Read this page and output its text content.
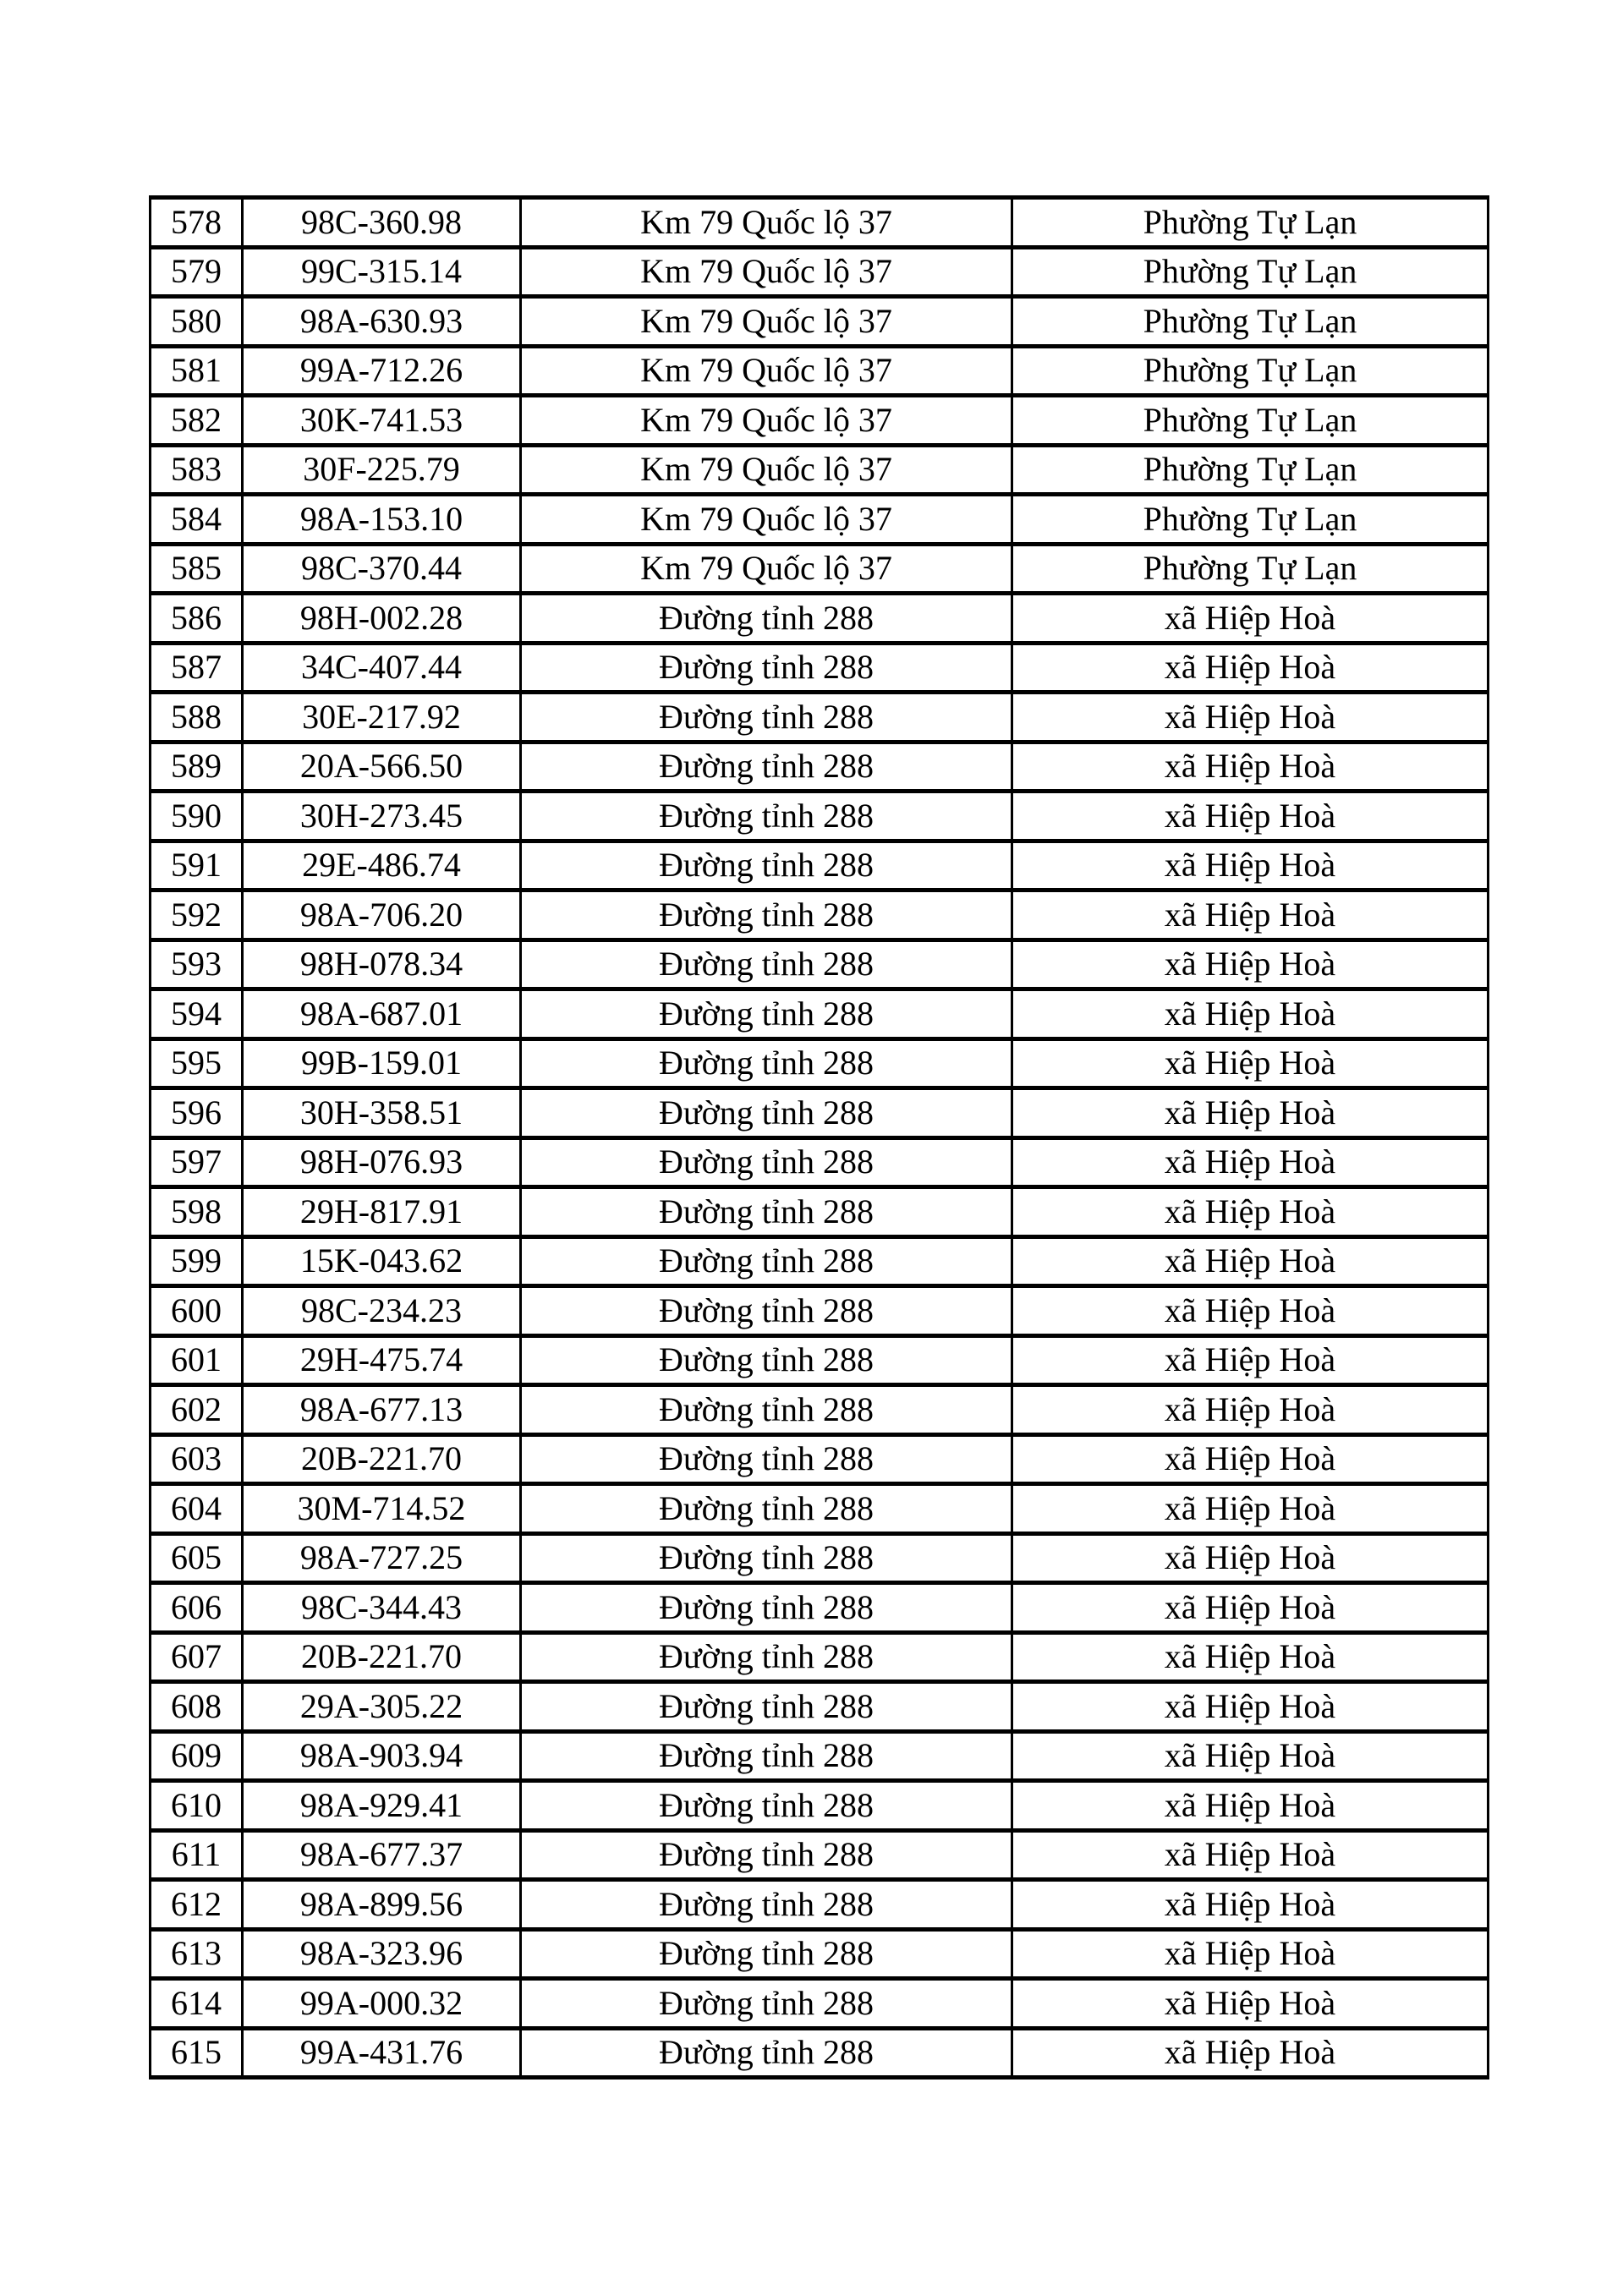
578	98C-360.98	Km 79 Quốc lộ 37	Phường Tự Lạn
579	99C-315.14	Km 79 Quốc lộ 37	Phường Tự Lạn
580	98A-630.93	Km 79 Quốc lộ 37	Phường Tự Lạn
581	99A-712.26	Km 79 Quốc lộ 37	Phường Tự Lạn
582	30K-741.53	Km 79 Quốc lộ 37	Phường Tự Lạn
583	30F-225.79	Km 79 Quốc lộ 37	Phường Tự Lạn
584	98A-153.10	Km 79 Quốc lộ 37	Phường Tự Lạn
585	98C-370.44	Km 79 Quốc lộ 37	Phường Tự Lạn
586	98H-002.28	Đường tỉnh 288	xã Hiệp Hoà
587	34C-407.44	Đường tỉnh 288	xã Hiệp Hoà
588	30E-217.92	Đường tỉnh 288	xã Hiệp Hoà
589	20A-566.50	Đường tỉnh 288	xã Hiệp Hoà
590	30H-273.45	Đường tỉnh 288	xã Hiệp Hoà
591	29E-486.74	Đường tỉnh 288	xã Hiệp Hoà
592	98A-706.20	Đường tỉnh 288	xã Hiệp Hoà
593	98H-078.34	Đường tỉnh 288	xã Hiệp Hoà
594	98A-687.01	Đường tỉnh 288	xã Hiệp Hoà
595	99B-159.01	Đường tỉnh 288	xã Hiệp Hoà
596	30H-358.51	Đường tỉnh 288	xã Hiệp Hoà
597	98H-076.93	Đường tỉnh 288	xã Hiệp Hoà
598	29H-817.91	Đường tỉnh 288	xã Hiệp Hoà
599	15K-043.62	Đường tỉnh 288	xã Hiệp Hoà
600	98C-234.23	Đường tỉnh 288	xã Hiệp Hoà
601	29H-475.74	Đường tỉnh 288	xã Hiệp Hoà
602	98A-677.13	Đường tỉnh 288	xã Hiệp Hoà
603	20B-221.70	Đường tỉnh 288	xã Hiệp Hoà
604	30M-714.52	Đường tỉnh 288	xã Hiệp Hoà
605	98A-727.25	Đường tỉnh 288	xã Hiệp Hoà
606	98C-344.43	Đường tỉnh 288	xã Hiệp Hoà
607	20B-221.70	Đường tỉnh 288	xã Hiệp Hoà
608	29A-305.22	Đường tỉnh 288	xã Hiệp Hoà
609	98A-903.94	Đường tỉnh 288	xã Hiệp Hoà
610	98A-929.41	Đường tỉnh 288	xã Hiệp Hoà
611	98A-677.37	Đường tỉnh 288	xã Hiệp Hoà
612	98A-899.56	Đường tỉnh 288	xã Hiệp Hoà
613	98A-323.96	Đường tỉnh 288	xã Hiệp Hoà
614	99A-000.32	Đường tỉnh 288	xã Hiệp Hoà
615	99A-431.76	Đường tỉnh 288	xã Hiệp Hoà
